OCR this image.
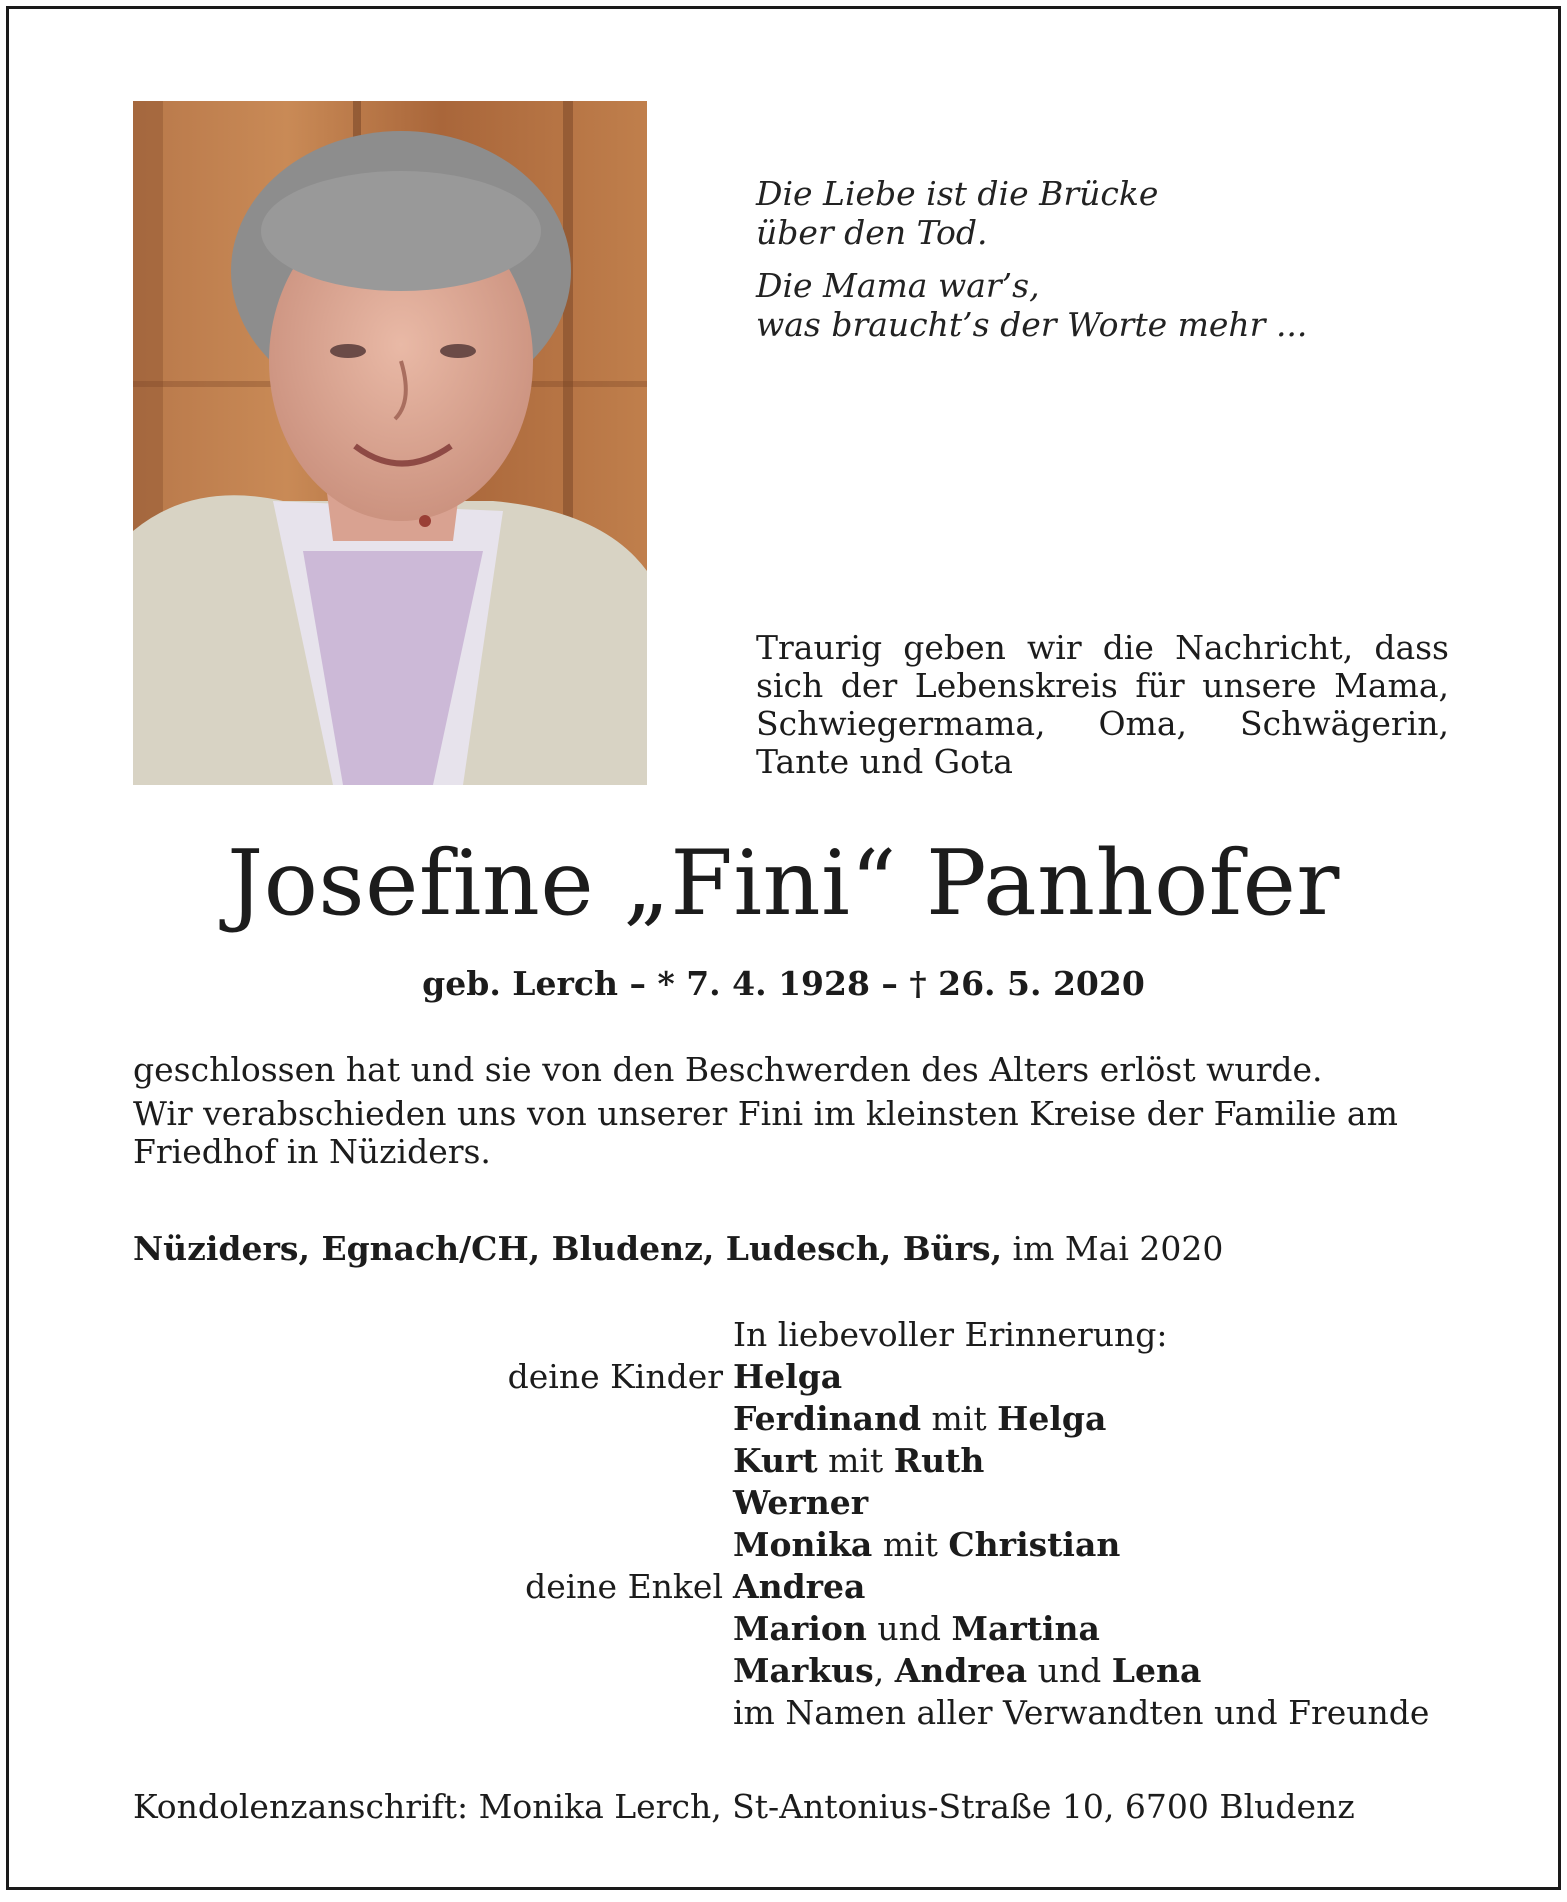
Die Liebe ist die Brücke
über den Tod.

Die Mama war’s,
was braucht’s der Worte mehr ...

Traurig geben wir die Nachricht, dass
sich der Lebenskreis für unsere Mama,
Schwiegermama, Oma, Schwägerin,
Tante und Gota
Josefine „Fini“ Panhofer
geb. Lerch – * 7. 4. 1928 – † 26. 5. 2020

geschlossen hat und sie von den Beschwerden des Alters erlöst wurde.

Wir verabschieden uns von unserer Fini im kleinsten Kreise der Familie am
Friedhof in Nüziders.

Nüziders, Egnach/CH, Bludenz, Ludesch, Bürs, im Mai 2020
In liebevoller Erinnerung:
deine Kinder Helga
Ferdinand mit Helga
Kurt mit Ruth
Werner
Monika mit Christian
deine Enkel Andrea
Marion und Martina
Markus, Andrea und Lena
im Namen aller Verwandten und Freunde
Kondolenzanschrift: Monika Lerch, St-Antonius-Straße 10, 6700 Bludenz
